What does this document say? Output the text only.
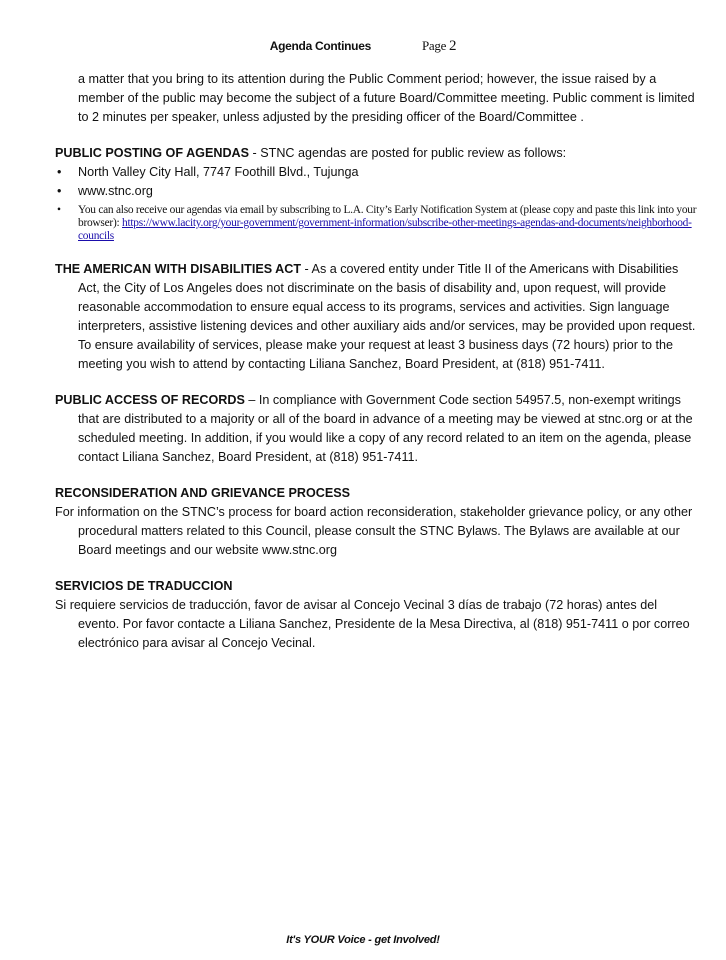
Agenda Continues	Page 2

a matter that you bring to its attention during the Public Comment period; however, the issue raised by a member of the public may become the subject of a future Board/Committee meeting. Public comment is limited to 2 minutes per speaker, unless adjusted by the presiding officer of the Board/Committee .

PUBLIC POSTING OF AGENDAS - STNC agendas are posted for public review as follows:

• North Valley City Hall, 7747 Foothill Blvd., Tujunga
• www.stnc.org
• You can also receive our agendas via email by subscribing to L.A. City’s Early Notification System at (please copy and paste this link into your browser): https://www.lacity.org/your-government/government-information/subscribe-other-meetings-agendas-and-documents/neighborhood-councils

THE AMERICAN WITH DISABILITIES ACT - As a covered entity under Title II of the Americans with Disabilities Act, the City of Los Angeles does not discriminate on the basis of disability and, upon request, will provide reasonable accommodation to ensure equal access to its programs, services and activities. Sign language interpreters, assistive listening devices and other auxiliary aids and/or services, may be provided upon request. To ensure availability of services, please make your request at least 3 business days (72 hours) prior to the meeting you wish to attend by contacting Liliana Sanchez, Board President, at (818) 951-7411.

PUBLIC ACCESS OF RECORDS – In compliance with Government Code section 54957.5, non-exempt writings that are distributed to a majority or all of the board in advance of a meeting may be viewed at stnc.org or at the scheduled meeting. In addition, if you would like a copy of any record related to an item on the agenda, please contact Liliana Sanchez, Board President, at (818) 951-7411.

RECONSIDERATION AND GRIEVANCE PROCESS

For information on the STNC’s process for board action reconsideration, stakeholder grievance policy, or any other procedural matters related to this Council, please consult the STNC Bylaws. The Bylaws are available at our Board meetings and our website www.stnc.org

SERVICIOS DE TRADUCCION

Si requiere servicios de traducción, favor de avisar al Concejo Vecinal 3 días de trabajo (72 horas) antes del evento. Por favor contacte a Liliana Sanchez, Presidente de la Mesa Directiva, al (818) 951-7411 o por correo electrónico para avisar al Concejo Vecinal.

It's YOUR Voice - get Involved!
